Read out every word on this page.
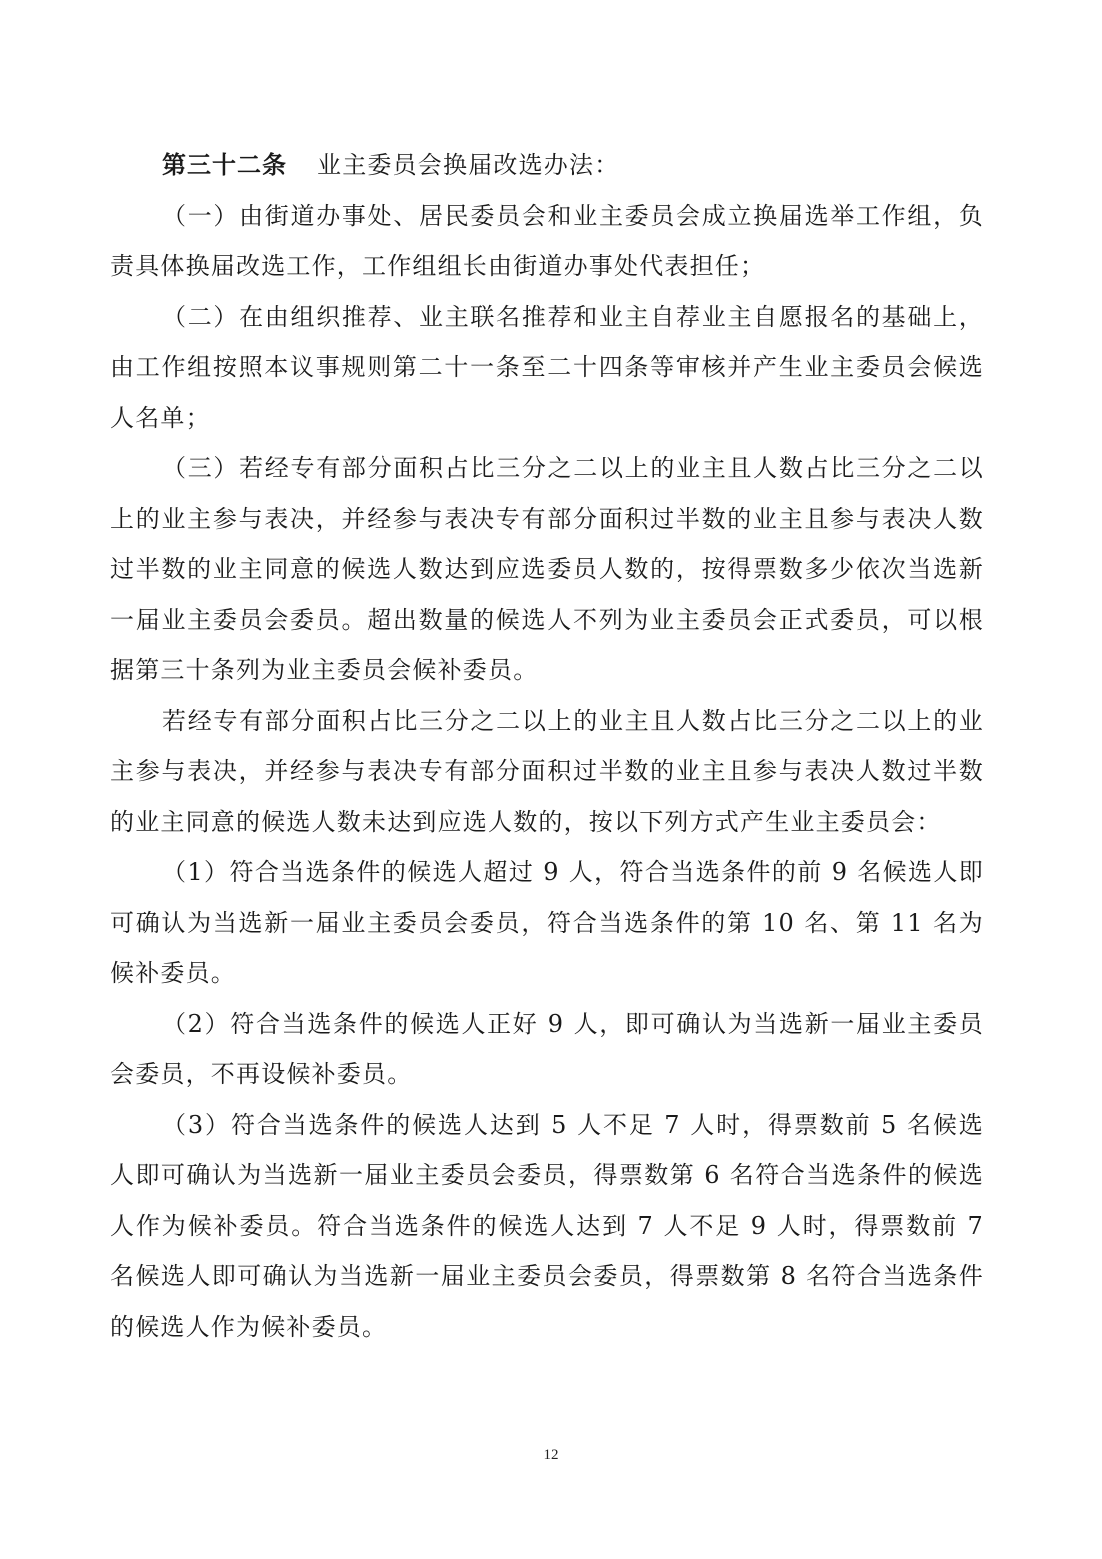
第三十二条 业主委员会换届改选办法：

（一）由街道办事处、居民委员会和业主委员会成立换届选举工作组，负责具体换届改选工作，工作组组长由街道办事处代表担任；

（二）在由组织推荐、业主联名推荐和业主自荐业主自愿报名的基础上，由工作组按照本议事规则第二十一条至二十四条等审核并产生业主委员会候选人名单；

（三）若经专有部分面积占比三分之二以上的业主且人数占比三分之二以上的业主参与表决，并经参与表决专有部分面积过半数的业主且参与表决人数过半数的业主同意的候选人数达到应选委员人数的，按得票数多少依次当选新一届业主委员会委员。超出数量的候选人不列为业主委员会正式委员，可以根据第三十条列为业主委员会候补委员。

若经专有部分面积占比三分之二以上的业主且人数占比三分之二以上的业主参与表决，并经参与表决专有部分面积过半数的业主且参与表决人数过半数的业主同意的候选人数未达到应选人数的，按以下列方式产生业主委员会：

（1）符合当选条件的候选人超过 9 人，符合当选条件的前 9 名候选人即可确认为当选新一届业主委员会委员，符合当选条件的第 10 名、第 11 名为候补委员。

（2）符合当选条件的候选人正好 9 人，即可确认为当选新一届业主委员会委员，不再设候补委员。

（3）符合当选条件的候选人达到 5 人不足 7 人时，得票数前 5 名候选人即可确认为当选新一届业主委员会委员，得票数第 6 名符合当选条件的候选人作为候补委员。符合当选条件的候选人达到 7 人不足 9 人时，得票数前 7 名候选人即可确认为当选新一届业主委员会委员，得票数第 8 名符合当选条件的候选人作为候补委员。

12
